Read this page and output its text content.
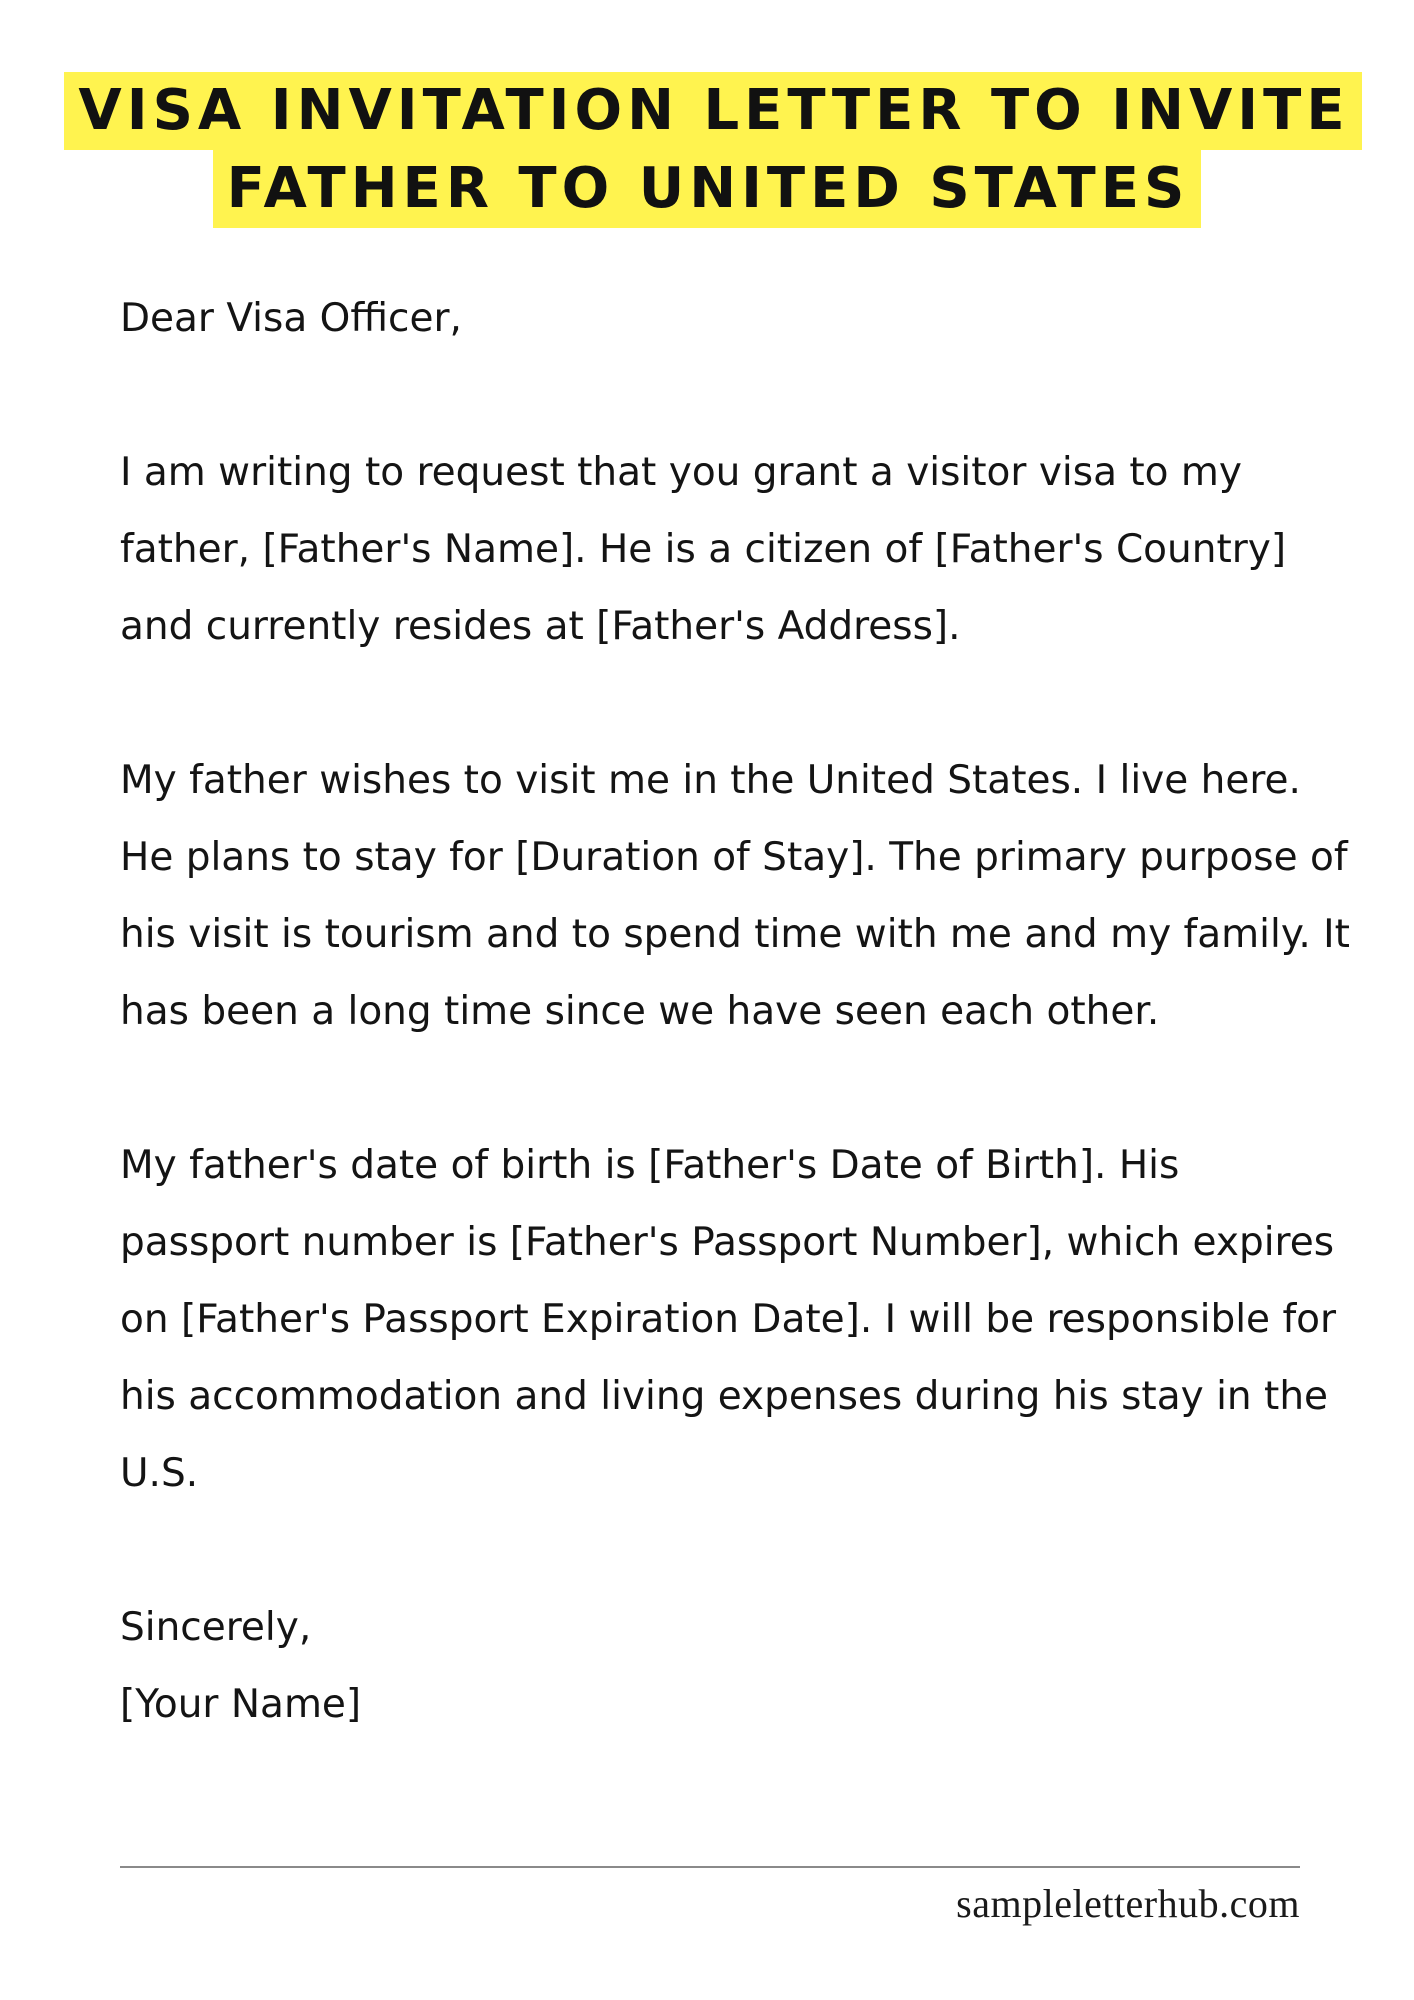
VISA INVITATION LETTER TO INVITE
FATHER TO UNITED STATES

Dear Visa Officer,

I am writing to request that you grant a visitor visa to my father, [Father's Name]. He is a citizen of [Father's Country] and currently resides at [Father's Address].

My father wishes to visit me in the United States. I live here. He plans to stay for [Duration of Stay]. The primary purpose of his visit is tourism and to spend time with me and my family. It has been a long time since we have seen each other.

My father's date of birth is [Father's Date of Birth]. His passport number is [Father's Passport Number], which expires on [Father's Passport Expiration Date]. I will be responsible for his accommodation and living expenses during his stay in the U.S.

Sincerely,

[Your Name]

sampleletterhub.com
